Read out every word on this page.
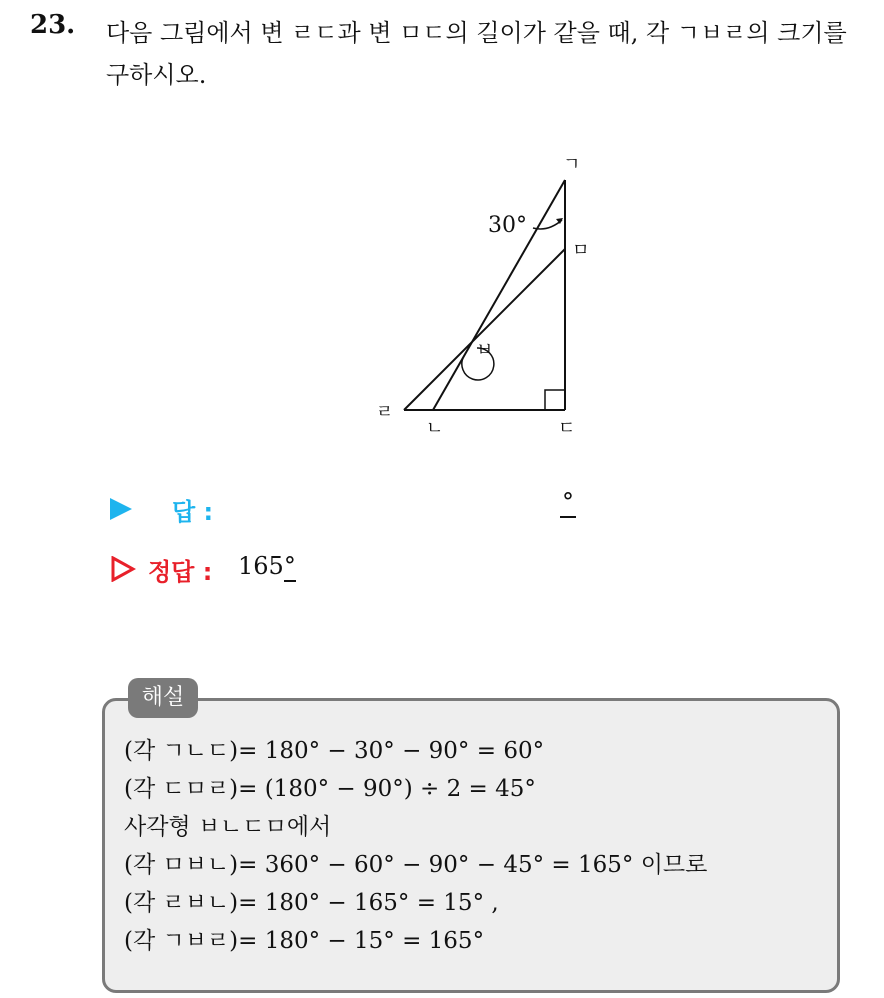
23. 다음 그림에서 변 ㄹㄷ과 변 ㅁㄷ의 길이가 같을 때, 각 ㄱㅂㄹ의 크기를 구하시오.
ㄱ
ㅁ
ㅂ
ㄹ
ㄴ	ㄷ
30°
답 :	°
정답 : 165°
해설
(각 ㄱㄴㄷ)= 180° − 30° − 90° = 60°
(각 ㄷㅁㄹ)= (180° − 90°) ÷ 2 = 45°
사각형 ㅂㄴㄷㅁ에서
(각 ㅁㅂㄴ)= 360° − 60° − 90° − 45° = 165° 이므로
(각 ㄹㅂㄴ)= 180° − 165° = 15° ,
(각 ㄱㅂㄹ)= 180° − 15° = 165°
